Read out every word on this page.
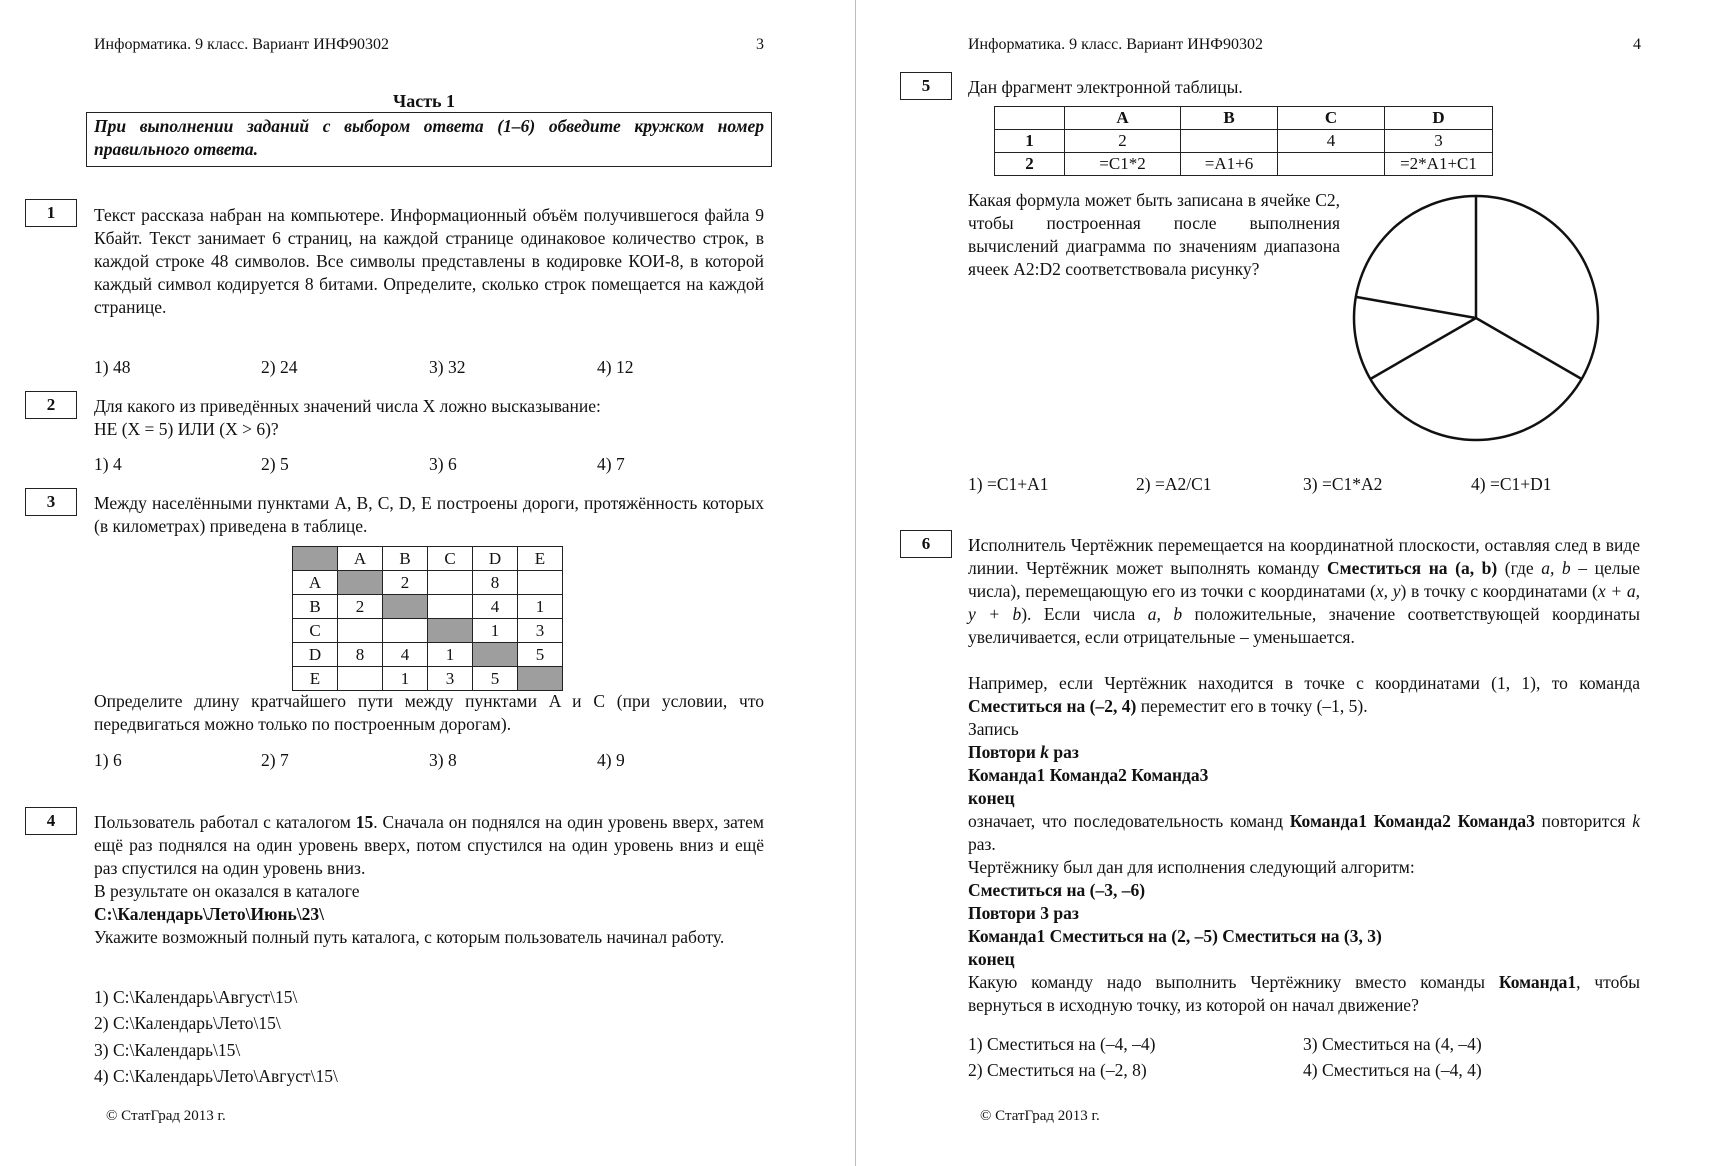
Информатика. 9 класс. Вариант ИНФ90302	3
Часть 1

При выполнении заданий с выбором ответа (1–6) обведите кружком номер правильного ответа.

1	Текст рассказа набран на компьютере. Информационный объём получившегося файла 9 Кбайт. Текст занимает 6 страниц, на каждой странице одинаковое количество строк, в каждой строке 48 символов. Все символы представлены в кодировке КОИ-8, в которой каждый символ кодируется 8 битами. Определите, сколько строк помещается на каждой странице.

1) 48	2) 24	3) 32	4) 12
2	Для какого из приведённых значений числа X ложно высказывание:
НЕ (X = 5) ИЛИ (X > 6)?
1) 4	2) 5	3) 6	4) 7
3	Между населёнными пунктами A, B, C, D, E построены дороги, протяжённость которых (в километрах) приведена в таблице.

	A	B	C	D	E
A		2		8	
B	2			4	1
C				1	3
D	8	4	1		5
E		1	3	5	

Определите длину кратчайшего пути между пунктами A и C (при условии, что передвигаться можно только по построенным дорогам).

1) 6	2) 7	3) 8	4) 9
4	Пользователь работал с каталогом 15. Сначала он поднялся на один уровень вверх, затем ещё раз поднялся на один уровень вверх, потом спустился на один уровень вниз и ещё раз спустился на один уровень вниз.

В результате он оказался в каталоге
С:\Календарь\Лето\Июнь\23\

Укажите возможный полный путь каталога, с которым пользователь начинал работу.

1) С:\Календарь\Август\15\
2) С:\Календарь\Лето\15\
3) С:\Календарь\15\
4) С:\Календарь\Лето\Август\15\
© СтатГрад 2013 г.
Информатика. 9 класс. Вариант ИНФ90302	4
5	Дан фрагмент электронной таблицы.
	A	B	C	D
1	2		4	3
2	=C1*2	=A1+6		=2*A1+C1

Какая формула может быть записана в ячейке C2, чтобы построенная после выполнения вычислений диаграмма по значениям диапазона ячеек A2:D2 соответствовала рисунку?

1) =C1+A1	2) =A2/C1	3) =C1*A2	4) =C1+D1
6	Исполнитель Чертёжник перемещается на координатной плоскости, оставляя след в виде линии. Чертёжник может выполнять команду Сместиться на (a, b) (где a, b – целые числа), перемещающую его из точки с координатами (x, y) в точку с координатами (x + a, y + b). Если числа a, b положительные, значение соответствующей координаты увеличивается, если отрицательные – уменьшается.

Например, если Чертёжник находится в точке с координатами (1, 1), то команда Сместиться на (–2, 4) переместит его в точку (–1, 5).

Запись
Повтори k раз
Команда1 Команда2 Команда3
конец

означает, что последовательность команд Команда1 Команда2 Команда3 повторится k раз.

Чертёжнику был дан для исполнения следующий алгоритм:
Сместиться на (–3, –6)
Повтори 3 раз
Команда1 Сместиться на (2, –5) Сместиться на (3, 3)
конец

Какую команду надо выполнить Чертёжнику вместо команды Команда1, чтобы вернуться в исходную точку, из которой он начал движение?

1) Сместиться на (–4, –4)
2) Сместиться на (–2, 8)
3) Сместиться на (4, –4)
4) Сместиться на (–4, 4)
© СтатГрад 2013 г.
